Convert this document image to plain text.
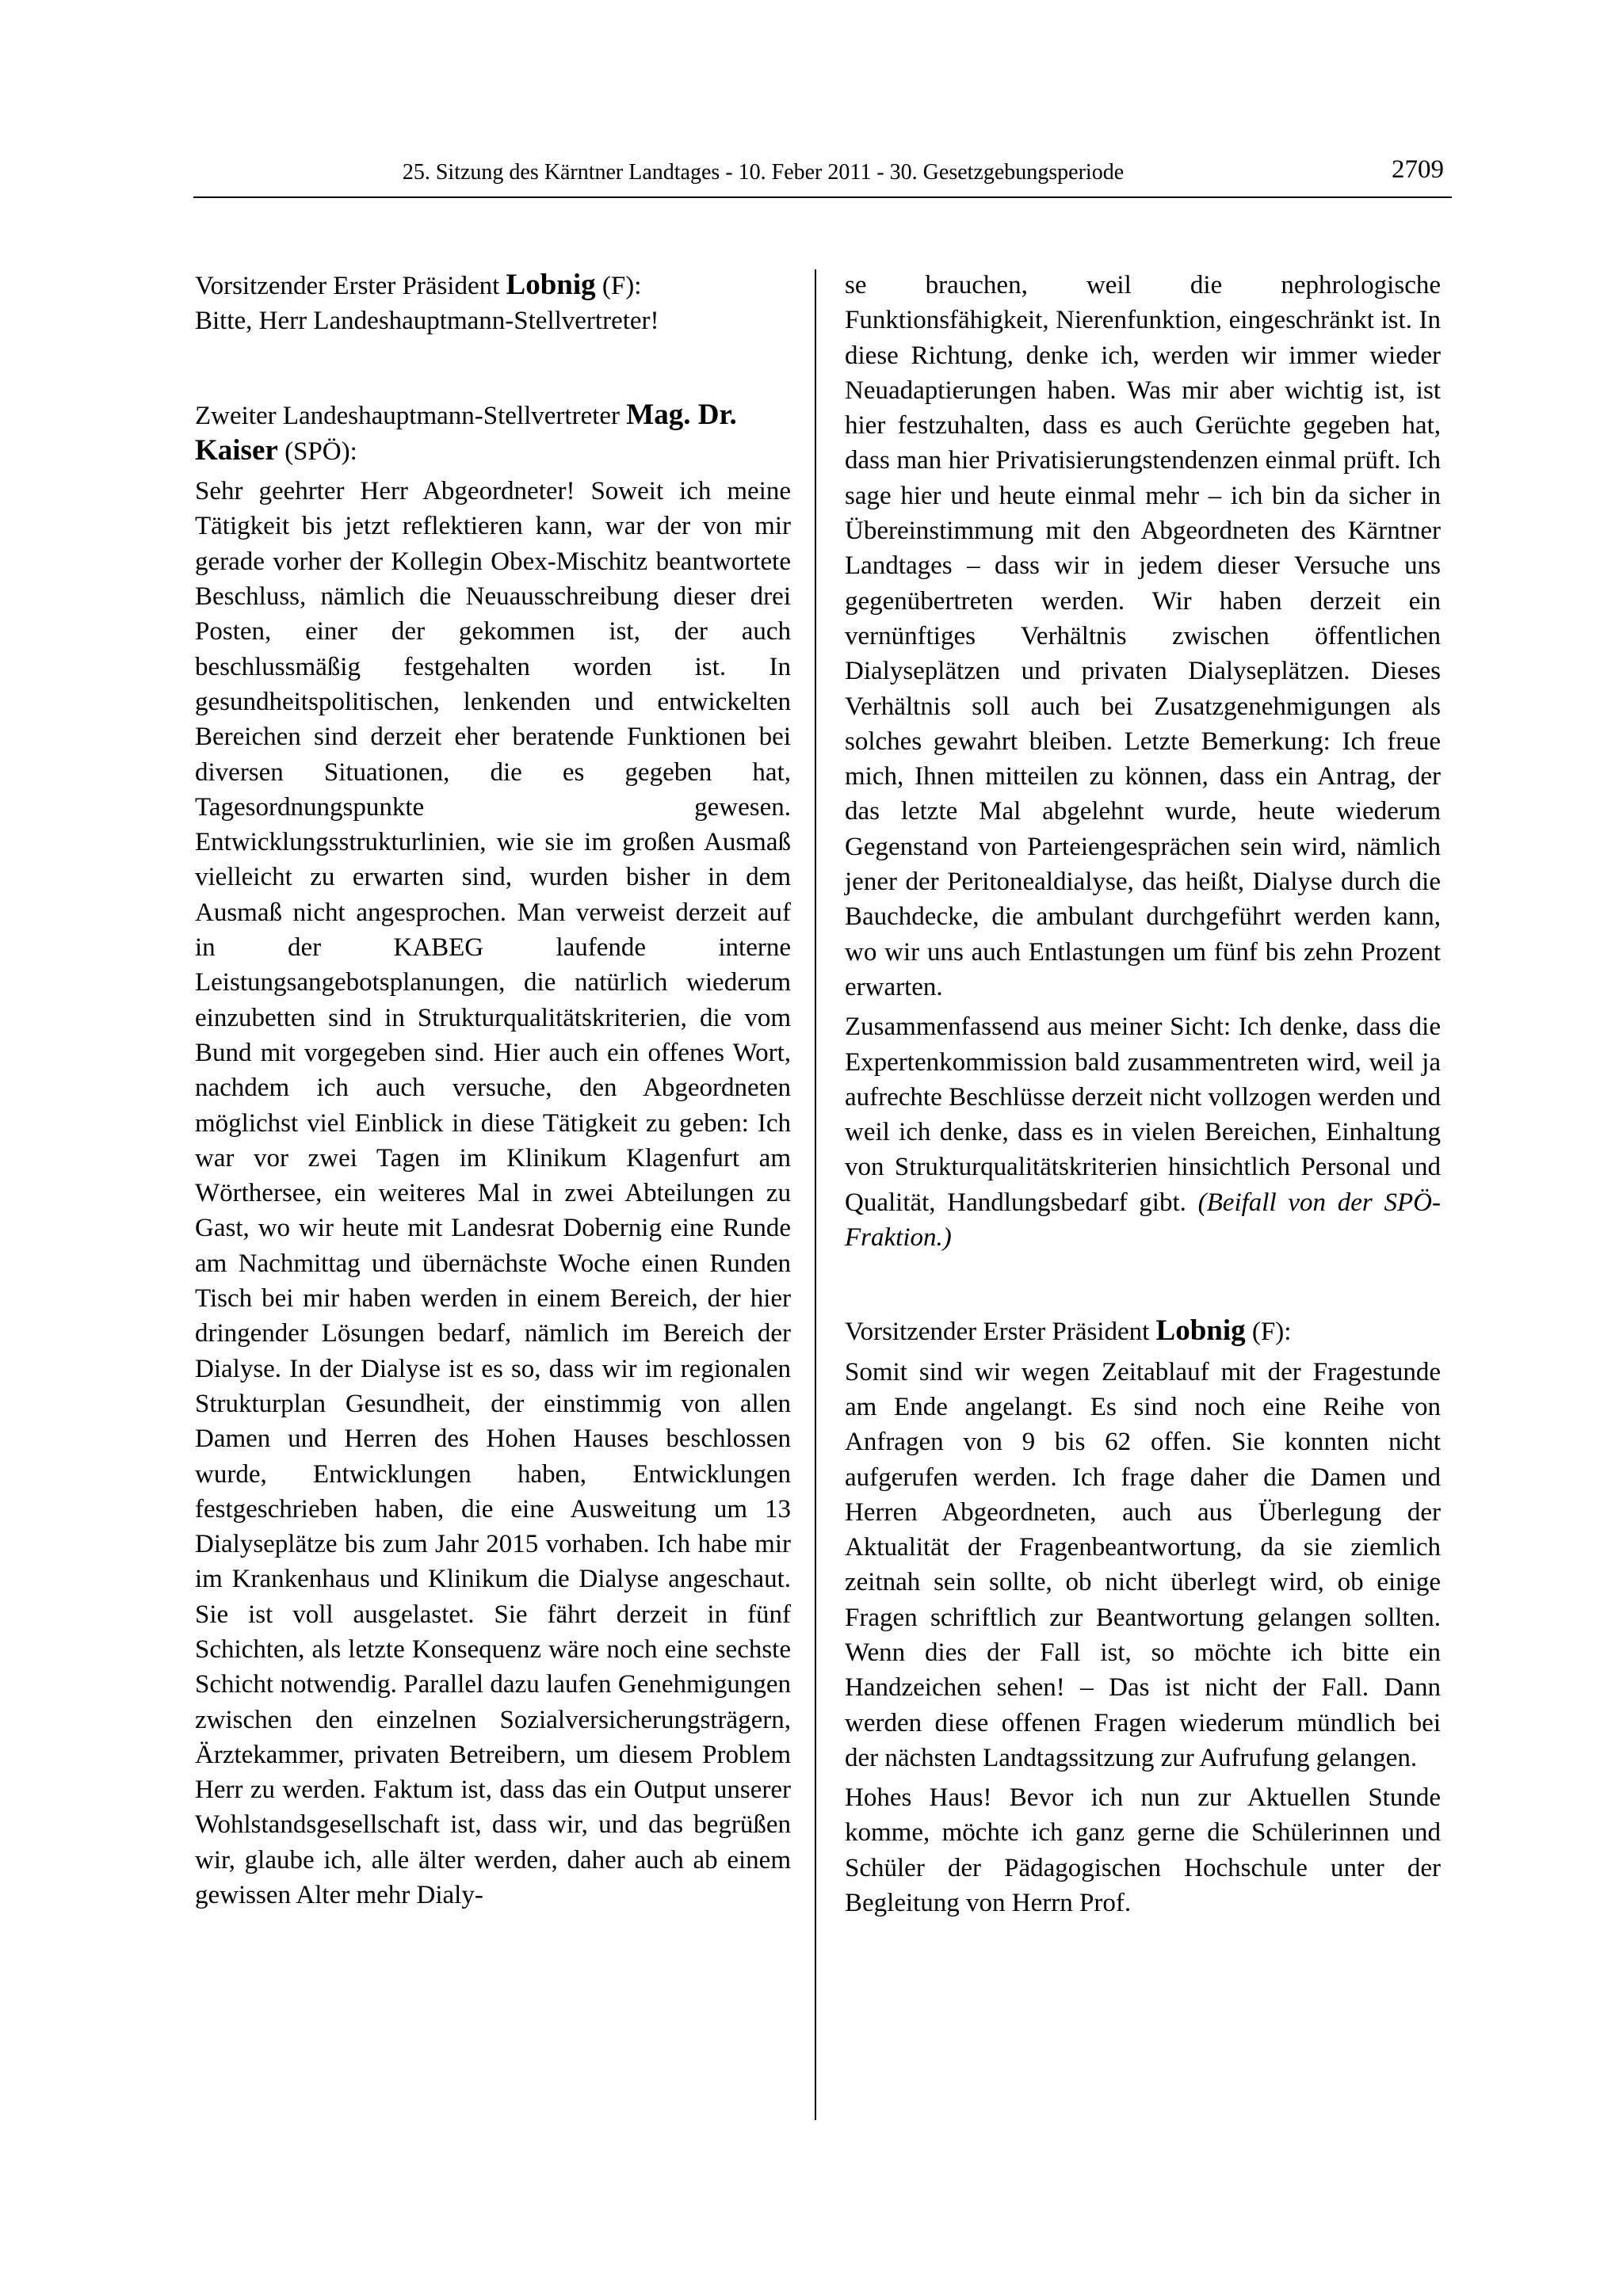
25. Sitzung des Kärntner Landtages - 10. Feber 2011 - 30. Gesetzgebungsperiode	2709

Vorsitzender Erster Präsident Lobnig (F):

Bitte, Herr Landeshauptmann-Stellvertreter!

Zweiter Landeshauptmann-Stellvertreter Mag. Dr. Kaiser (SPÖ):

Sehr geehrter Herr Abgeordneter! Soweit ich meine Tätigkeit bis jetzt reflektieren kann, war der von mir gerade vorher der Kollegin Obex-Mischitz beantwortete Beschluss, nämlich die Neuausschreibung dieser drei Posten, einer der gekommen ist, der auch beschlussmäßig festgehalten worden ist. In gesundheitspolitischen, lenkenden und entwickelten Bereichen sind derzeit eher beratende Funktionen bei diversen Situationen, die es gegeben hat, Tagesordnungspunkte gewesen. Entwicklungsstrukturlinien, wie sie im großen Ausmaß vielleicht zu erwarten sind, wurden bisher in dem Ausmaß nicht angesprochen. Man verweist derzeit auf in der KABEG laufende interne Leistungsangebotsplanungen, die natürlich wiederum einzubetten sind in Strukturqualitätskriterien, die vom Bund mit vorgegeben sind. Hier auch ein offenes Wort, nachdem ich auch versuche, den Abgeordneten möglichst viel Einblick in diese Tätigkeit zu geben: Ich war vor zwei Tagen im Klinikum Klagenfurt am Wörthersee, ein weiteres Mal in zwei Abteilungen zu Gast, wo wir heute mit Landesrat Dobernig eine Runde am Nachmittag und übernächste Woche einen Runden Tisch bei mir haben werden in einem Bereich, der hier dringender Lösungen bedarf, nämlich im Bereich der Dialyse. In der Dialyse ist es so, dass wir im regionalen Strukturplan Gesundheit, der einstimmig von allen Damen und Herren des Hohen Hauses beschlossen wurde, Entwicklungen haben, Entwicklungen festgeschrieben haben, die eine Ausweitung um 13 Dialyseplätze bis zum Jahr 2015 vorhaben. Ich habe mir im Krankenhaus und Klinikum die Dialyse angeschaut. Sie ist voll ausgelastet. Sie fährt derzeit in fünf Schichten, als letzte Konsequenz wäre noch eine sechste Schicht notwendig. Parallel dazu laufen Genehmigungen zwischen den einzelnen Sozialversicherungsträgern, Ärztekammer, privaten Betreibern, um diesem Problem Herr zu werden. Faktum ist, dass das ein Output unserer Wohlstandsgesellschaft ist, dass wir, und das begrüßen wir, glaube ich, alle älter werden, daher auch ab einem gewissen Alter mehr Dialy-

se brauchen, weil die nephrologische Funktionsfähigkeit, Nierenfunktion, eingeschränkt ist. In diese Richtung, denke ich, werden wir immer wieder Neuadaptierungen haben. Was mir aber wichtig ist, ist hier festzuhalten, dass es auch Gerüchte gegeben hat, dass man hier Privatisierungstendenzen einmal prüft. Ich sage hier und heute einmal mehr – ich bin da sicher in Übereinstimmung mit den Abgeordneten des Kärntner Landtages – dass wir in jedem dieser Versuche uns gegenübertreten werden. Wir haben derzeit ein vernünftiges Verhältnis zwischen öffentlichen Dialyseplätzen und privaten Dialyseplätzen. Dieses Verhältnis soll auch bei Zusatzgenehmigungen als solches gewahrt bleiben. Letzte Bemerkung: Ich freue mich, Ihnen mitteilen zu können, dass ein Antrag, der das letzte Mal abgelehnt wurde, heute wiederum Gegenstand von Parteiengesprächen sein wird, nämlich jener der Peritonealdialyse, das heißt, Dialyse durch die Bauchdecke, die ambulant durchgeführt werden kann, wo wir uns auch Entlastungen um fünf bis zehn Prozent erwarten.

Zusammenfassend aus meiner Sicht: Ich denke, dass die Expertenkommission bald zusammentreten wird, weil ja aufrechte Beschlüsse derzeit nicht vollzogen werden und weil ich denke, dass es in vielen Bereichen, Einhaltung von Strukturqualitätskriterien hinsichtlich Personal und Qualität, Handlungsbedarf gibt. (Beifall von der SPÖ-Fraktion.)

Vorsitzender Erster Präsident Lobnig (F):

Somit sind wir wegen Zeitablauf mit der Fragestunde am Ende angelangt. Es sind noch eine Reihe von Anfragen von 9 bis 62 offen. Sie konnten nicht aufgerufen werden. Ich frage daher die Damen und Herren Abgeordneten, auch aus Überlegung der Aktualität der Fragenbeantwortung, da sie ziemlich zeitnah sein sollte, ob nicht überlegt wird, ob einige Fragen schriftlich zur Beantwortung gelangen sollten. Wenn dies der Fall ist, so möchte ich bitte ein Handzeichen sehen! – Das ist nicht der Fall. Dann werden diese offenen Fragen wiederum mündlich bei der nächsten Landtagssitzung zur Aufrufung gelangen.

Hohes Haus! Bevor ich nun zur Aktuellen Stunde komme, möchte ich ganz gerne die Schülerinnen und Schüler der Pädagogischen Hochschule unter der Begleitung von Herrn Prof.
